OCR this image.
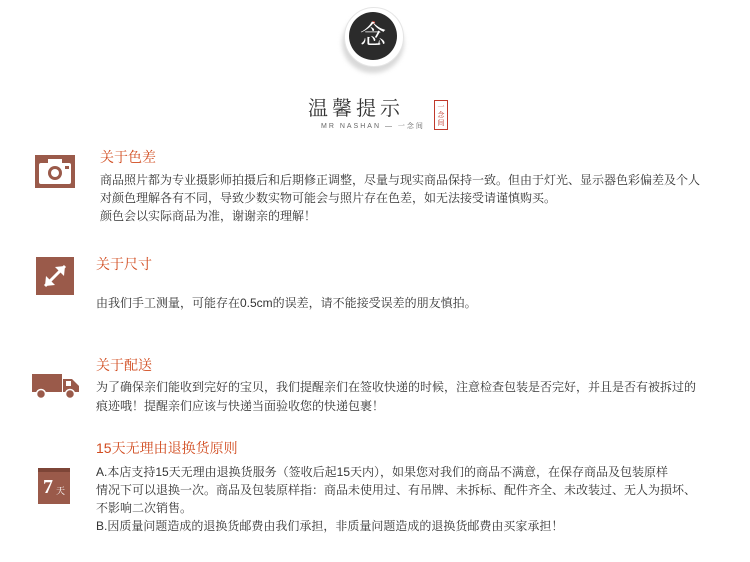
念
温馨提示
MR NASHAN — 一念间
一
念
间
关于色差
商品照片都为专业摄影师拍摄后和后期修正调整，尽量与现实商品保持一致。但由于灯光、显示器色彩偏差及个人
对颜色理解各有不同，导致少数实物可能会与照片存在色差，如无法接受请谨慎购买。
颜色会以实际商品为准，谢谢亲的理解！
关于尺寸
由我们手工测量，可能存在0.5cm的误差，请不能接受误差的朋友慎拍。
关于配送
为了确保亲们能收到完好的宝贝，我们提醒亲们在签收快递的时候，注意检查包装是否完好，并且是否有被拆过的
痕迹哦！提醒亲们应该与快递当面验收您的快递包裹！
7 天
15天无理由退换货原则
A.本店支持15天无理由退换货服务（签收后起15天内），如果您对我们的商品不满意，在保存商品及包装原样
情况下可以退换一次。商品及包装原样指：商品未使用过、有吊牌、未拆标、配件齐全、未改装过、无人为损坏、
不影响二次销售。
B.因质量问题造成的退换货邮费由我们承担，非质量问题造成的退换货邮费由买家承担！
